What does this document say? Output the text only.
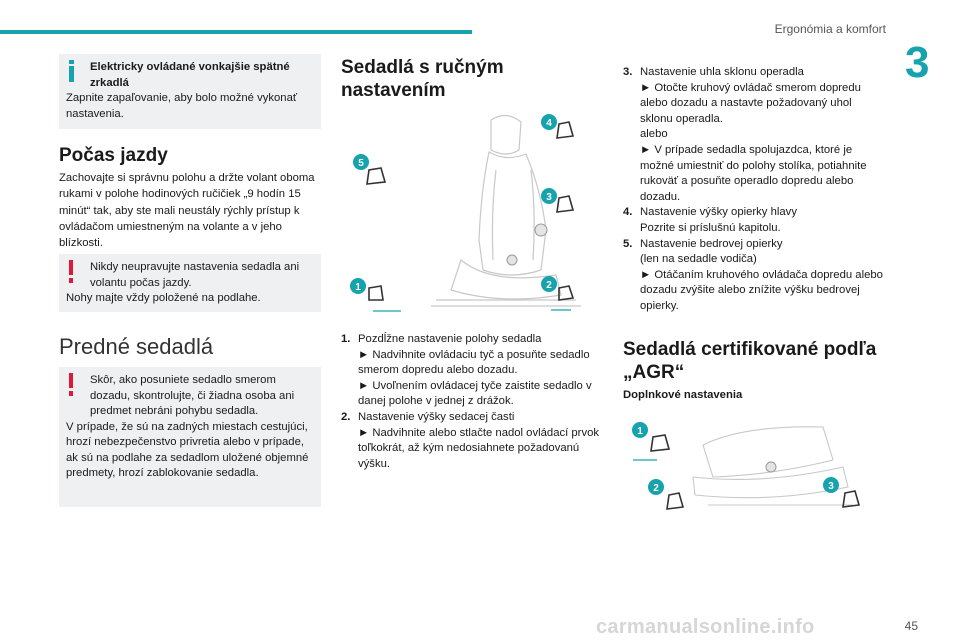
Ergonómia a komfort
3
Elektricky ovládané vonkajšie spätné zrkadlá
Zapnite zapaľovanie, aby bolo možné vykonať nastavenia.
Počas jazdy
Zachovajte si správnu polohu a držte volant oboma rukami v polohe hodinových ručičiek „9 hodín 15 minút“ tak, aby ste mali neustály rýchly prístup k ovládačom umiestneným na volante a v jeho blízkosti.
Nikdy neupravujte nastavenia sedadla ani volantu počas jazdy.
Nohy majte vždy položené na podlahe.
Predné sedadlá
Skôr, ako posuniete sedadlo smerom dozadu, skontrolujte, či žiadna osoba ani predmet nebráni pohybu sedadla.
V prípade, že sú na zadných miestach cestujúci, hrozí nebezpečenstvo privretia alebo v prípade, ak sú na podlahe za sedadlom uložené objemné predmety, hrozí zablokovanie sedadla.
Sedadlá s ručným nastavením
1	2
3
4
5
1. Pozdĺžne nastavenie polohy sedadla
► Nadvihnite ovládaciu tyč a posuňte sedadlo smerom dopredu alebo dozadu.
► Uvoľnením ovládacej tyče zaistite sedadlo v danej polohe v jednej z drážok.
2. Nastavenie výšky sedacej časti
► Nadvihnite alebo stlačte nadol ovládací prvok toľkokrát, až kým nedosiahnete požadovanú výšku.
3. Nastavenie uhla sklonu operadla
► Otočte kruhový ovládač smerom dopredu alebo dozadu a nastavte požadovaný uhol sklonu operadla.
alebo
► V prípade sedadla spolujazdca, ktoré je možné umiestniť do polohy stolíka, potiahnite rukoväť a posuňte operadlo dopredu alebo dozadu.
4. Nastavenie výšky opierky hlavy
Pozrite si príslušnú kapitolu.
5. Nastavenie bedrovej opierky
(len na sedadle vodiča)
► Otáčaním kruhového ovládača dopredu alebo dozadu zvýšite alebo znížite výšku bedrovej opierky.
Sedadlá certifikované podľa „AGR“
Doplnkové nastavenia
1
2	3
carmanualsonline.info	45
